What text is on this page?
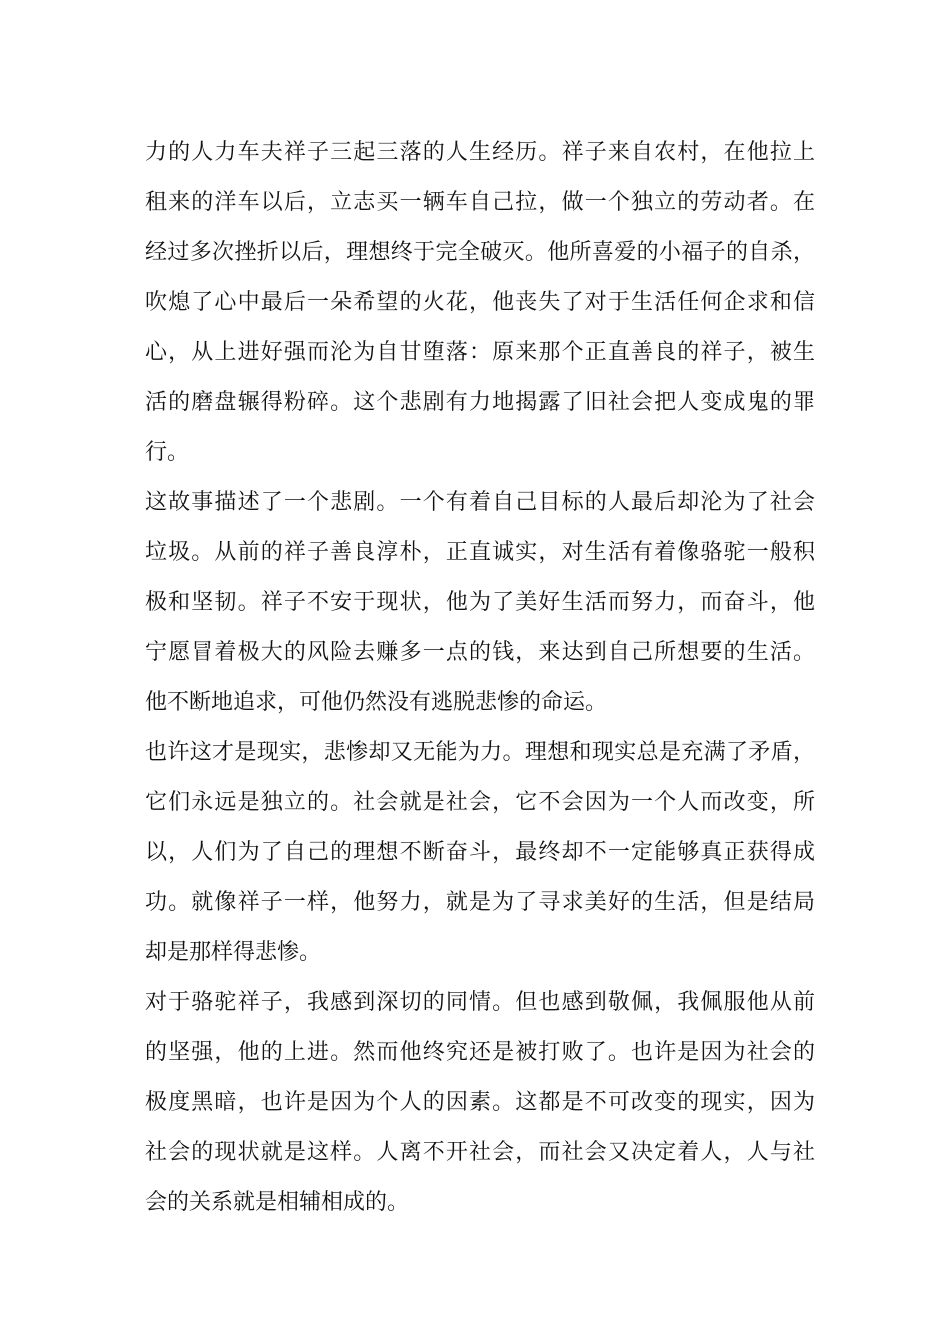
力的人力车夫祥子三起三落的人生经历。祥子来自农村，在他拉上
租来的洋车以后，立志买一辆车自己拉，做一个独立的劳动者。在
经过多次挫折以后，理想终于完全破灭。他所喜爱的小福子的自杀，
吹熄了心中最后一朵希望的火花，他丧失了对于生活任何企求和信
心，从上进好强而沦为自甘堕落：原来那个正直善良的祥子，被生
活的磨盘辗得粉碎。这个悲剧有力地揭露了旧社会把人变成鬼的罪
行。
这故事描述了一个悲剧。一个有着自己目标的人最后却沦为了社会
垃圾。从前的祥子善良淳朴，正直诚实，对生活有着像骆驼一般积
极和坚韧。祥子不安于现状，他为了美好生活而努力，而奋斗，他
宁愿冒着极大的风险去赚多一点的钱，来达到自己所想要的生活。
他不断地追求，可他仍然没有逃脱悲惨的命运。
也许这才是现实，悲惨却又无能为力。理想和现实总是充满了矛盾，
它们永远是独立的。社会就是社会，它不会因为一个人而改变，所
以，人们为了自己的理想不断奋斗，最终却不一定能够真正获得成
功。就像祥子一样，他努力，就是为了寻求美好的生活，但是结局
却是那样得悲惨。
对于骆驼祥子，我感到深切的同情。但也感到敬佩，我佩服他从前
的坚强，他的上进。然而他终究还是被打败了。也许是因为社会的
极度黑暗，也许是因为个人的因素。这都是不可改变的现实，因为
社会的现状就是这样。人离不开社会，而社会又决定着人，人与社
会的关系就是相辅相成的。
